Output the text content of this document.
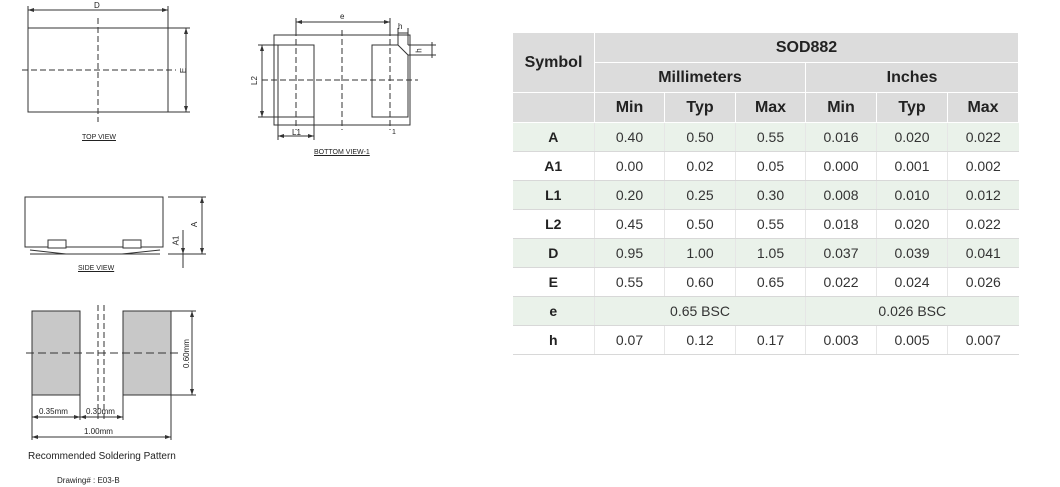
D
E
TOP VIEW
e
h
h
L2
L1	1
BOTTOM VIEW-1
A
A1
SIDE VIEW
0.60mm
0.35mm 0.30mm
1.00mm
Recommended Soldering Pattern
Drawing# : E03-B
Symbol	SOD882					
	Millimeters			Inches		
	Min	Typ	Max	Min	Typ	Max
A	0.40	0.50	0.55	0.016	0.020	0.022
A1	0.00	0.02	0.05	0.000	0.001	0.002
L1	0.20	0.25	0.30	0.008	0.010	0.012
L2	0.45	0.50	0.55	0.018	0.020	0.022
D	0.95	1.00	1.05	0.037	0.039	0.041
E	0.55	0.60	0.65	0.022	0.024	0.026
e	0.65 BSC			0.026 BSC		
h	0.07	0.12	0.17	0.003	0.005	0.007
